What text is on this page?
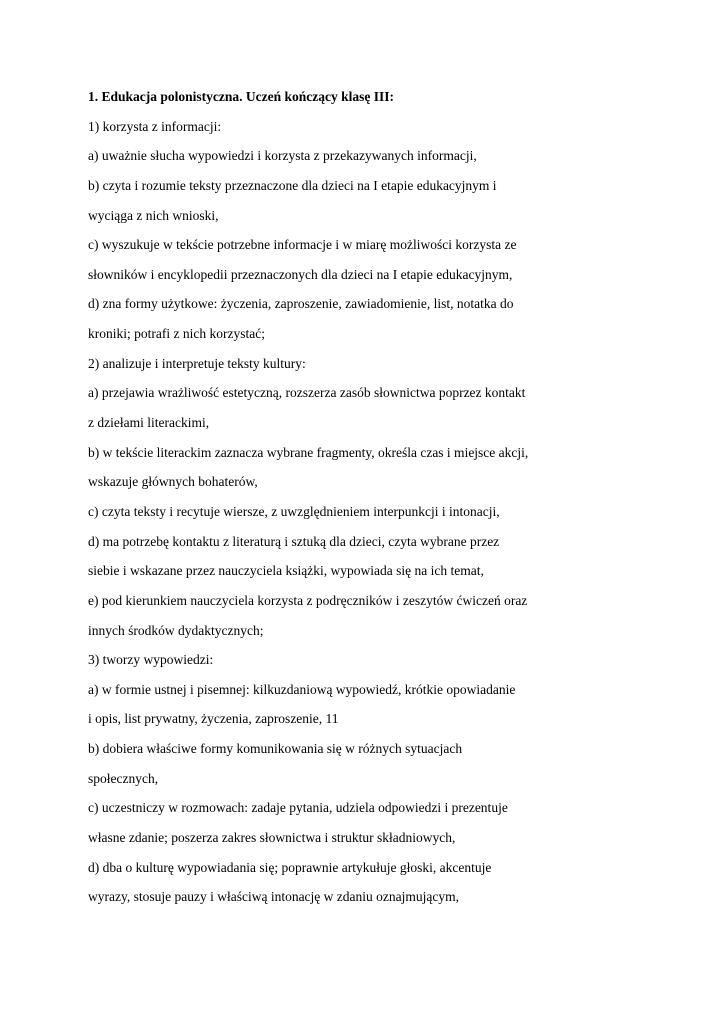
1. Edukacja polonistyczna. Uczeń kończący klasę III:
1) korzysta z informacji:
a) uważnie słucha wypowiedzi i korzysta z przekazywanych informacji,
b) czyta i rozumie teksty przeznaczone dla dzieci na I etapie edukacyjnym i
wyciąga z nich wnioski,
c) wyszukuje w tekście potrzebne informacje i w miarę możliwości korzysta ze
słowników i encyklopedii przeznaczonych dla dzieci na I etapie edukacyjnym,
d) zna formy użytkowe: życzenia, zaproszenie, zawiadomienie, list, notatka do
kroniki; potrafi z nich korzystać;
2) analizuje i interpretuje teksty kultury:
a) przejawia wrażliwość estetyczną, rozszerza zasób słownictwa poprzez kontakt
z dziełami literackimi,
b) w tekście literackim zaznacza wybrane fragmenty, określa czas i miejsce akcji,
wskazuje głównych bohaterów,
c) czyta teksty i recytuje wiersze, z uwzględnieniem interpunkcji i intonacji,
d) ma potrzebę kontaktu z literaturą i sztuką dla dzieci, czyta wybrane przez
siebie i wskazane przez nauczyciela książki, wypowiada się na ich temat,
e) pod kierunkiem nauczyciela korzysta z podręczników i zeszytów ćwiczeń oraz
innych środków dydaktycznych;
3) tworzy wypowiedzi:
a) w formie ustnej i pisemnej: kilkuzdaniową wypowiedź, krótkie opowiadanie
i opis, list prywatny, życzenia, zaproszenie, 11
b) dobiera właściwe formy komunikowania się w różnych sytuacjach
społecznych,
c) uczestniczy w rozmowach: zadaje pytania, udziela odpowiedzi i prezentuje
własne zdanie; poszerza zakres słownictwa i struktur składniowych,
d) dba o kulturę wypowiadania się; poprawnie artykułuje głoski, akcentuje
wyrazy, stosuje pauzy i właściwą intonację w zdaniu oznajmującym,
